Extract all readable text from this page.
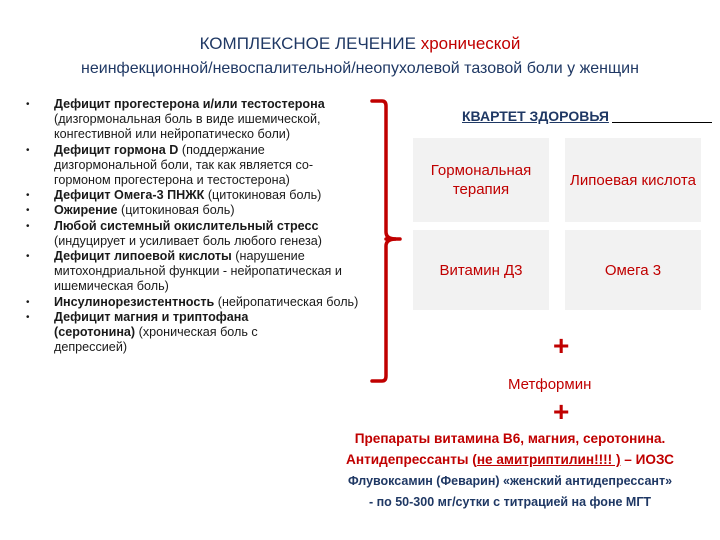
КОМПЛЕКСНОЕ ЛЕЧЕНИЕ хронической
неинфекционной/невоспалительной/неопухолевой тазовой боли у женщин
• Дефицит прогестерона и/или тестостерона (дизгормональная боль в виде ишемической, конгестивной или нейропатическо боли)
• Дефицит гормона D (поддержание дизгормональной боли, так как является со-гормоном прогестерона и тестостерона)
• Дефицит Омега-3 ПНЖК (цитокиновая боль)
• Ожирение (цитокиновая боль)
• Любой системный окислительный стресс (индуцирует и усиливает боль любого генеза)
• Дефицит липоевой кислоты (нарушение митохондриальной функции - нейропатическая и ишемическая боль)
• Инсулинорезистентность (нейропатическая боль)
• Дефицит магния и триптофана (серотонина) (хроническая боль с депрессией)
КВАРТЕТ ЗДОРОВЬЯ
Гормональная терапия
Липоевая кислота
Витамин Д3	Омега 3
+
Метформин
+
Препараты витамина В6, магния, серотонина.
Антидепрессанты (не амитриптилин!!!! ) – ИОЗС
Флувоксамин (Феварин) «женский антидепрессант»
- по 50-300 мг/сутки с титрацией на фоне МГТ
